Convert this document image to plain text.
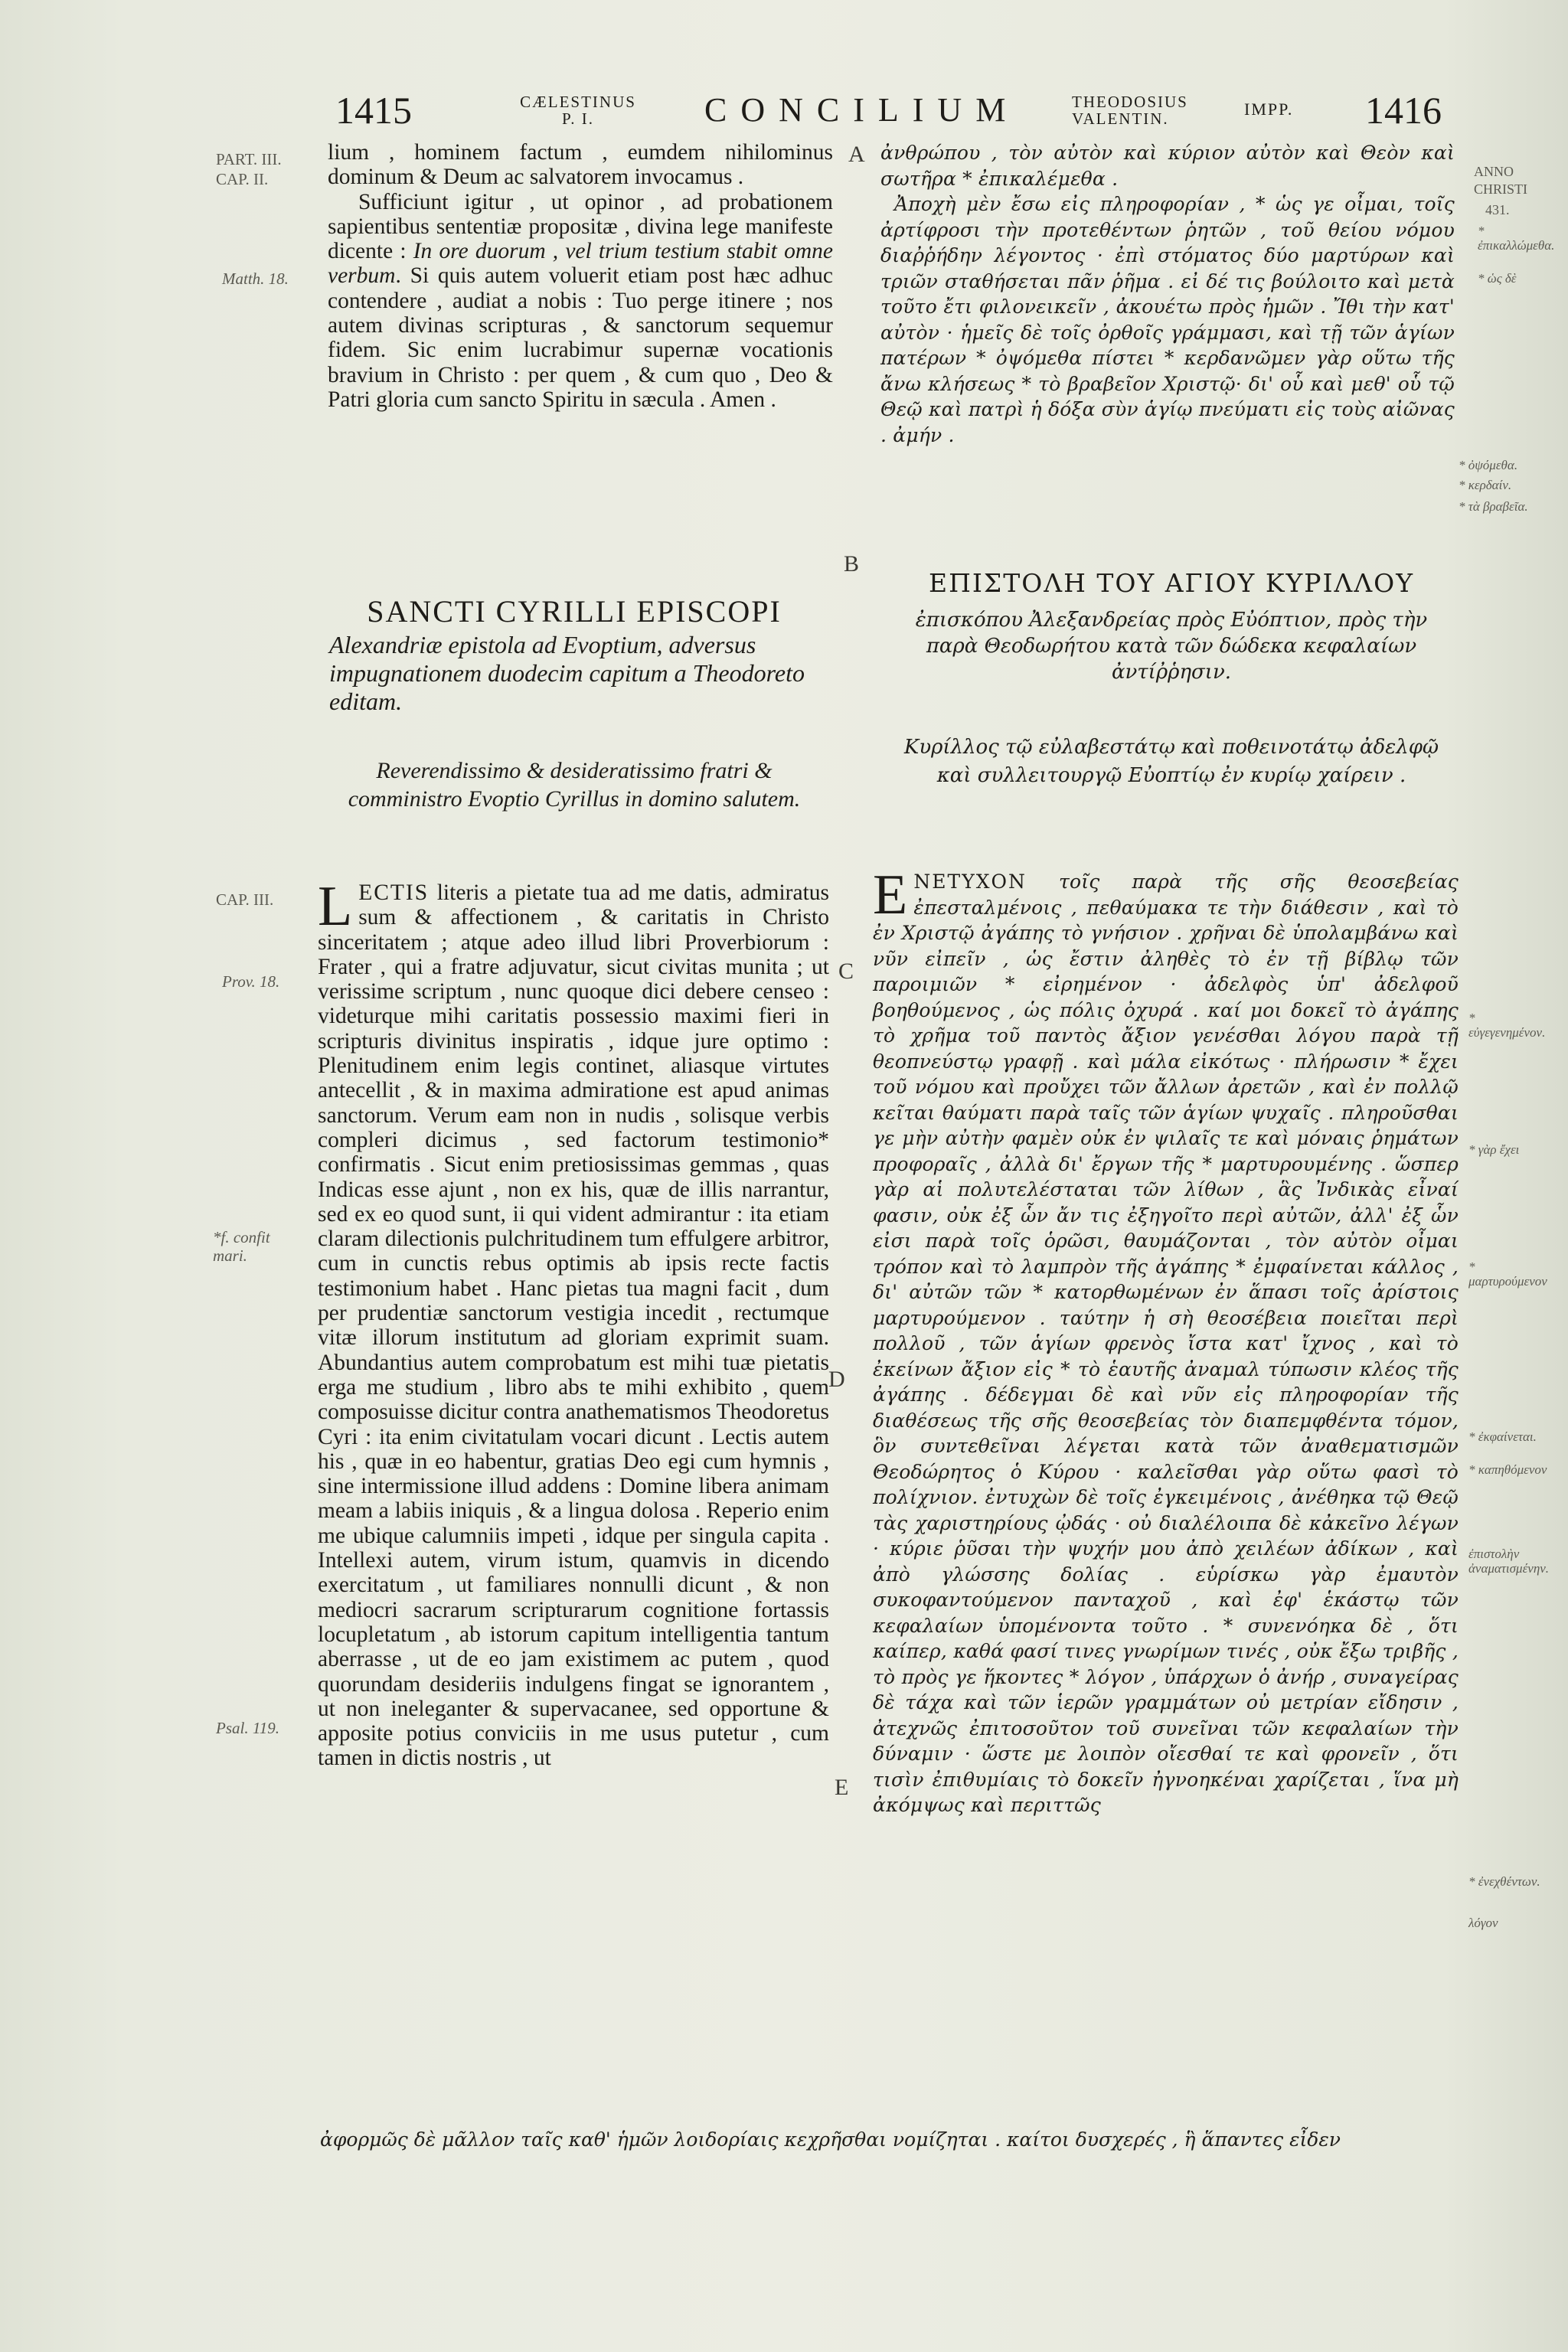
1415	CÆLESTINUS
P. I.	CONCILIUM	THEODOSIUS
VALENTIN.	IMPP. 1416
PART. III.
CAP. II.
Matth. 18.
CAP. III.
Prov. 18.
*f. confit mari.
Psal. 119.
A
B
C
D
E
ANNO
CHRISTI
431.
* ἐπικαλλώμεθα.
* ὡς δὲ
* ὀψόμεθα.
* κερδαίν.
* τὰ βραβεῖα.
* εὐγεγενημένον.
* γὰρ ἔχει
* μαρτυρούμενον
* ἐκφαίνεται.
* καπηθόμενον
ἐπιστολὴν ἀναματισμένην.
* ἐνεχθέντων.
λόγον

lium , hominem factum , eumdem nihilominus dominum & Deum ac salvatorem invocamus .

Sufficiunt igitur , ut opinor , ad probationem sapientibus sententiæ propositæ , divina lege manifeste dicente : In ore duorum , vel trium testium stabit omne verbum. Si quis autem voluerit etiam post hæc adhuc contendere , audiat a nobis : Tuo perge itinere ; nos autem divinas scripturas , & sanctorum sequemur fidem. Sic enim lucrabimur supernæ vocationis bravium in Christo : per quem , & cum quo , Deo & Patri gloria cum sancto Spiritu in sæcula . Amen .

SANCTI CYRILLI EPISCOPI
Alexandriæ epistola ad Evoptium, adversus impugnationem duodecim capitum a Theodoreto editam.
Reverendissimo & desideratissimo fratri & comministro Evoptio Cyrillus in domino salutem.

LECTIS literis a pietate tua ad me datis, admiratus sum & affectionem , & caritatis in Christo sinceritatem ; atque adeo illud libri Proverbiorum : Frater , qui a fratre adjuvatur, sicut civitas munita ; ut verissime scriptum , nunc quoque dici debere censeo : videturque mihi caritatis possessio maximi fieri in scripturis divinitus inspiratis , idque jure optimo : Plenitudinem enim legis continet, aliasque virtutes antecellit , & in maxima admiratione est apud animas sanctorum. Verum eam non in nudis , solisque verbis compleri dicimus , sed factorum testimonio* confirmatis . Sicut enim pretiosissimas gemmas , quas Indicas esse ajunt , non ex his, quæ de illis narrantur, sed ex eo quod sunt, ii qui vident admirantur : ita etiam claram dilectionis pulchritudinem tum effulgere arbitror, cum in cunctis rebus optimis ab ipsis recte factis testimonium habet . Hanc pietas tua magni facit , dum per prudentiæ sanctorum vestigia incedit , rectumque vitæ illorum institutum ad gloriam exprimit suam. Abundantius autem comprobatum est mihi tuæ pietatis erga me studium , libro abs te mihi exhibito , quem composuisse dicitur contra anathematismos Theodoretus Cyri : ita enim civitatulam vocari dicunt . Lectis autem his , quæ in eo habentur, gratias Deo egi cum hymnis , sine intermissione illud addens : Domine libera animam meam a labiis iniquis , & a lingua dolosa . Reperio enim me ubique calumniis impeti , idque per singula capita . Intellexi autem, virum istum, quamvis in dicendo exercitatum , ut familiares nonnulli dicunt , & non mediocri sacrarum scripturarum cognitione fortassis locupletatum , ab istorum capitum intelligentia tantum aberrasse , ut de eo jam existimem ac putem , quod quorundam desideriis indulgens fingat se ignorantem , ut non ineleganter & supervacanee, sed opportune & apposite potius conviciis in me usus putetur , cum tamen in dictis nostris , ut

ἀνθρώπου , τὸν αὐτὸν καὶ κύριον αὐτὸν καὶ Θεὸν καὶ σωτῆρα * ἐπικαλέμεθα .

Ἀποχὴ μὲν ἔσω εἰς πληροφορίαν , * ὡς γε οἶμαι, τοῖς ἀρτίφροσι τὴν προτεθέντων ῥητῶν , τοῦ θείου νόμου διαῤῥήδην λέγοντος · ἐπὶ στόματος δύο μαρτύρων καὶ τριῶν σταθήσεται πᾶν ῥῆμα . εἰ δέ τις βούλοιτο καὶ μετὰ τοῦτο ἔτι φιλονεικεῖν , ἀκουέτω πρὸς ἡμῶν . Ἴθι τὴν κατ' αὐτὸν · ἡμεῖς δὲ τοῖς ὀρθοῖς γράμμασι, καὶ τῇ τῶν ἁγίων πατέρων * ὀψόμεθα πίστει * κερδανῶμεν γὰρ οὕτω τῆς ἄνω κλήσεως * τὸ βραβεῖον Χριστῷ· δι' οὗ καὶ μεθ' οὗ τῷ Θεῷ καὶ πατρὶ ἡ δόξα σὺν ἁγίῳ πνεύματι εἰς τοὺς αἰῶνας . ἀμήν .

ΕΠΙΣΤΟΛΗ ΤΟΥ ΑΓΙΟΥ ΚΥΡΙΛΛΟΥ
ἐπισκόπου Ἀλεξανδρείας πρὸς Εὐόπτιον, πρὸς τὴν παρὰ Θεοδωρήτου κατὰ τῶν δώδεκα κεφαλαίων ἀντίῤῥησιν.
Κυρίλλος τῷ εὐλαβεστάτῳ καὶ ποθεινοτάτῳ ἀδελφῷ καὶ συλλειτουργῷ Εὐοπτίῳ ἐν κυρίῳ χαίρειν .

ΕΝΕΤΥΧΟΝ τοῖς παρὰ τῆς σῆς θεοσεβείας ἐπεσταλμένοις , πεθαύμακα τε τὴν διάθεσιν , καὶ τὸ ἐν Χριστῷ ἀγάπης τὸ γνήσιον . χρῆναι δὲ ὑπολαμβάνω καὶ νῦν εἰπεῖν , ὡς ἔστιν ἀληθὲς τὸ ἐν τῇ βίβλῳ τῶν παροιμιῶν * εἰρημένον · ἀδελφὸς ὑπ' ἀδελφοῦ βοηθούμενος , ὡς πόλις ὀχυρά . καί μοι δοκεῖ τὸ ἀγάπης τὸ χρῆμα τοῦ παντὸς ἄξιον γενέσθαι λόγου παρὰ τῇ θεοπνεύστῳ γραφῇ . καὶ μάλα εἰκότως · πλήρωσιν * ἔχει τοῦ νόμου καὶ προὔχει τῶν ἄλλων ἀρετῶν , καὶ ἐν πολλῷ κεῖται θαύματι παρὰ ταῖς τῶν ἁγίων ψυχαῖς . πληροῦσθαι γε μὴν αὐτὴν φαμὲν οὐκ ἐν ψιλαῖς τε καὶ μόναις ῥημάτων προφοραῖς , ἀλλὰ δι' ἔργων τῆς * μαρτυρουμένης . ὥσπερ γὰρ αἱ πολυτελέσταται τῶν λίθων , ἃς Ἰνδικὰς εἶναί φασιν, οὐκ ἐξ ὧν ἄν τις ἐξηγοῖτο περὶ αὐτῶν, ἀλλ' ἐξ ὧν εἰσι παρὰ τοῖς ὁρῶσι, θαυμάζονται , τὸν αὐτὸν οἶμαι τρόπον καὶ τὸ λαμπρὸν τῆς ἀγάπης * ἐμφαίνεται κάλλος , δι' αὐτῶν τῶν * κατορθωμένων ἐν ἅπασι τοῖς ἀρίστοις μαρτυρούμενον . ταύτην ἡ σὴ θεοσέβεια ποιεῖται περὶ πολλοῦ , τῶν ἁγίων φρενὸς ἴστα κατ' ἴχνος , καὶ τὸ ἐκείνων ἄξιον εἰς * τὸ ἑαυτῆς ἀναμαλ τύπωσιν κλέος τῆς ἀγάπης . δέδεγμαι δὲ καὶ νῦν εἰς πληροφορίαν τῆς διαθέσεως τῆς σῆς θεοσεβείας τὸν διαπεμφθέντα τόμον, ὃν συντεθεῖναι λέγεται κατὰ τῶν ἀναθεματισμῶν Θεοδώρητος ὁ Κύρου · καλεῖσθαι γὰρ οὕτω φασὶ τὸ πολίχνιον. ἐντυχὼν δὲ τοῖς ἐγκειμένοις , ἀνέθηκα τῷ Θεῷ τὰς χαριστηρίους ᾠδάς · οὐ διαλέλοιπα δὲ κἀκεῖνο λέγων · κύριε ῥῦσαι τὴν ψυχήν μου ἀπὸ χειλέων ἀδίκων , καὶ ἀπὸ γλώσσης δολίας . εὑρίσκω γὰρ ἐμαυτὸν συκοφαντούμενον πανταχοῦ , καὶ ἐφ' ἑκάστῳ τῶν κεφαλαίων ὑπομένοντα τοῦτο . * συνενόηκα δὲ , ὅτι καίπερ, καθά φασί τινες γνωρίμων τινές , οὐκ ἔξω τριβῆς , τὸ πρὸς γε ἥκοντες * λόγον , ὑπάρχων ὁ ἀνήρ , συναγείρας δὲ τάχα καὶ τῶν ἱερῶν γραμμάτων οὐ μετρίαν εἴδησιν , ἀτεχνῶς ἐπιτοσοῦτον τοῦ συνεῖναι τῶν κεφαλαίων τὴν δύναμιν · ὥστε με λοιπὸν οἴεσθαί τε καὶ φρονεῖν , ὅτι τισὶν ἐπιθυμίαις τὸ δοκεῖν ἠγνοηκέναι χαρίζεται , ἵνα μὴ ἀκόμψως καὶ περιττῶς

ἀφορμῶς δὲ μᾶλλον ταῖς καθ' ἡμῶν λοιδορίαις κεχρῆσθαι νομίζηται . καίτοι δυσχερές , ἣ ἅπαντες εἶδεν
